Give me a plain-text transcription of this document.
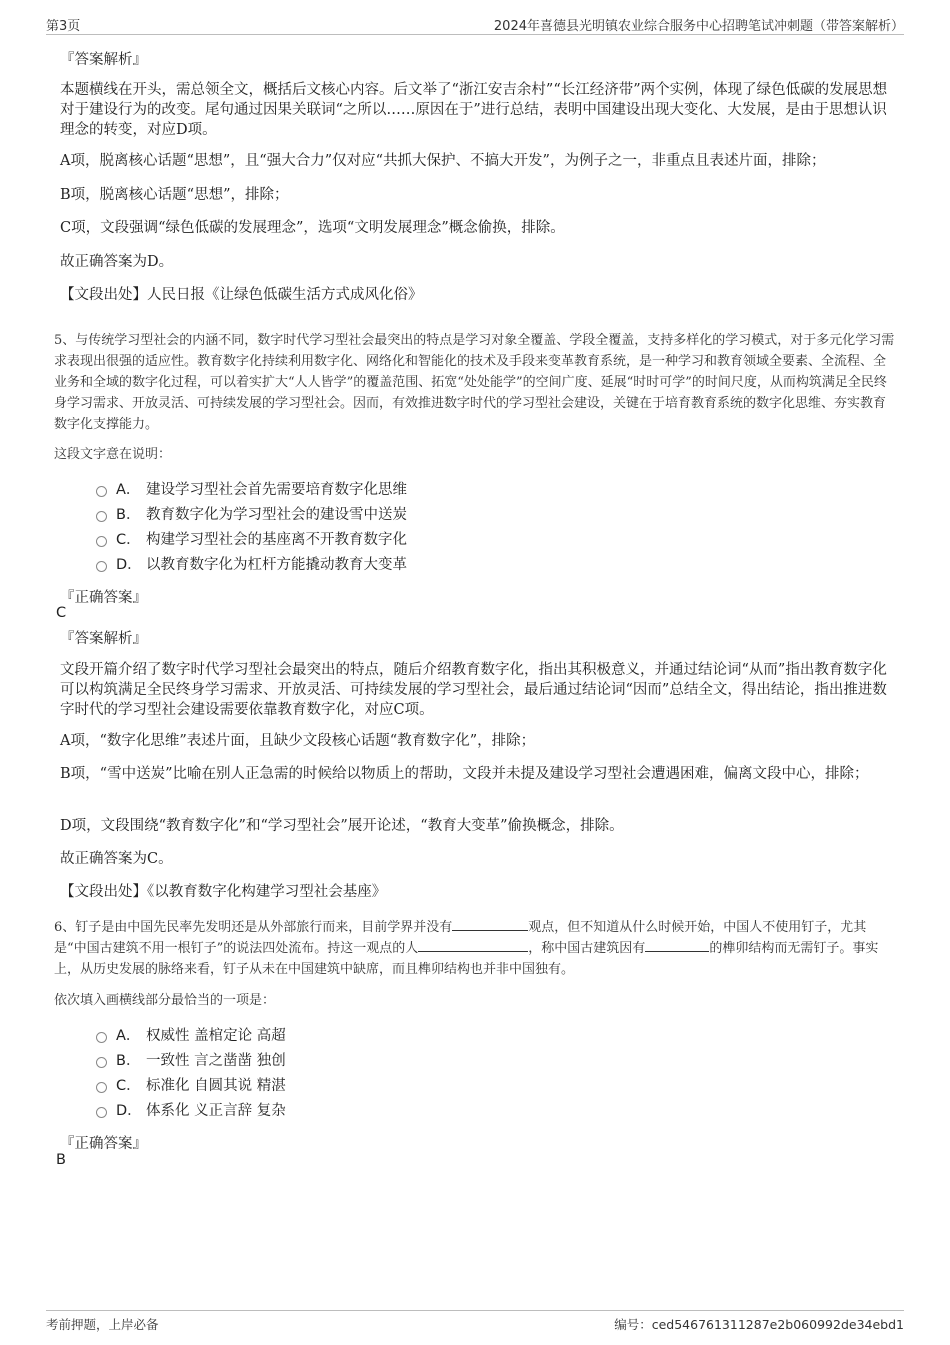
第3页	2024年喜德县光明镇农业综合服务中心招聘笔试冲刺题（带答案解析）
『答案解析』
本题横线在开头，需总领全文，概括后文核心内容。后文举了“浙江安吉余村”“长江经济带”两个实例，体现了绿色低碳的发展思想对于建设行为的改变。尾句通过因果关联词“之所以……原因在于”进行总结，表明中国建设出现大变化、大发展，是由于思想认识理念的转变，对应D项。
A项，脱离核心话题“思想”，且“强大合力”仅对应“共抓大保护、不搞大开发”，为例子之一，非重点且表述片面，排除；
B项，脱离核心话题“思想”，排除；
C项，文段强调“绿色低碳的发展理念”，选项“文明发展理念”概念偷换，排除。
故正确答案为D。
【文段出处】人民日报《让绿色低碳生活方式成风化俗》
5、与传统学习型社会的内涵不同，数字时代学习型社会最突出的特点是学习对象全覆盖、学段全覆盖，支持多样化的学习模式，对于多元化学习需求表现出很强的适应性。教育数字化持续利用数字化、网络化和智能化的技术及手段来变革教育系统，是一种学习和教育领域全要素、全流程、全业务和全域的数字化过程，可以着实扩大“人人皆学”的覆盖范围、拓宽“处处能学”的空间广度、延展“时时可学”的时间尺度，从而构筑满足全民终身学习需求、开放灵活、可持续发展的学习型社会。因而，有效推进数字时代的学习型社会建设，关键在于培育教育系统的数字化思维、夯实教育数字化支撑能力。
这段文字意在说明：
A． 建设学习型社会首先需要培育数字化思维
B． 教育数字化为学习型社会的建设雪中送炭
C． 构建学习型社会的基座离不开教育数字化
D． 以教育数字化为杠杆方能撬动教育大变革
『正确答案』
C
『答案解析』
文段开篇介绍了数字时代学习型社会最突出的特点，随后介绍教育数字化，指出其积极意义，并通过结论词“从而”指出教育数字化可以构筑满足全民终身学习需求、开放灵活、可持续发展的学习型社会，最后通过结论词“因而”总结全文，得出结论，指出推进数字时代的学习型社会建设需要依靠教育数字化，对应C项。
A项，“数字化思维”表述片面，且缺少文段核心话题“教育数字化”，排除；
B项，“雪中送炭”比喻在别人正急需的时候给以物质上的帮助，文段并未提及建设学习型社会遭遇困难，偏离文段中心，排除；
D项，文段围绕“教育数字化”和“学习型社会”展开论述，“教育大变革”偷换概念，排除。
故正确答案为C。
【文段出处】《以教育数字化构建学习型社会基座》
6、钉子是由中国先民率先发明还是从外部旅行而来，目前学界并没有	观点，但不知道从什么时候开始，中国人不使用钉子，尤其是“中国古建筑不用一根钉子”的说法四处流布。持这一观点的人	，称中国古建筑因有	的榫卯结构而无需钉子。事实上，从历史发展的脉络来看，钉子从未在中国建筑中缺席，而且榫卯结构也并非中国独有。
依次填入画横线部分最恰当的一项是：
A． 权威性 盖棺定论 高超
B． 一致性 言之凿凿 独创
C． 标准化 自圆其说 精湛
D． 体系化 义正言辞 复杂
『正确答案』
B
考前押题，上岸必备	编号：ced546761311287e2b060992de34ebd1
